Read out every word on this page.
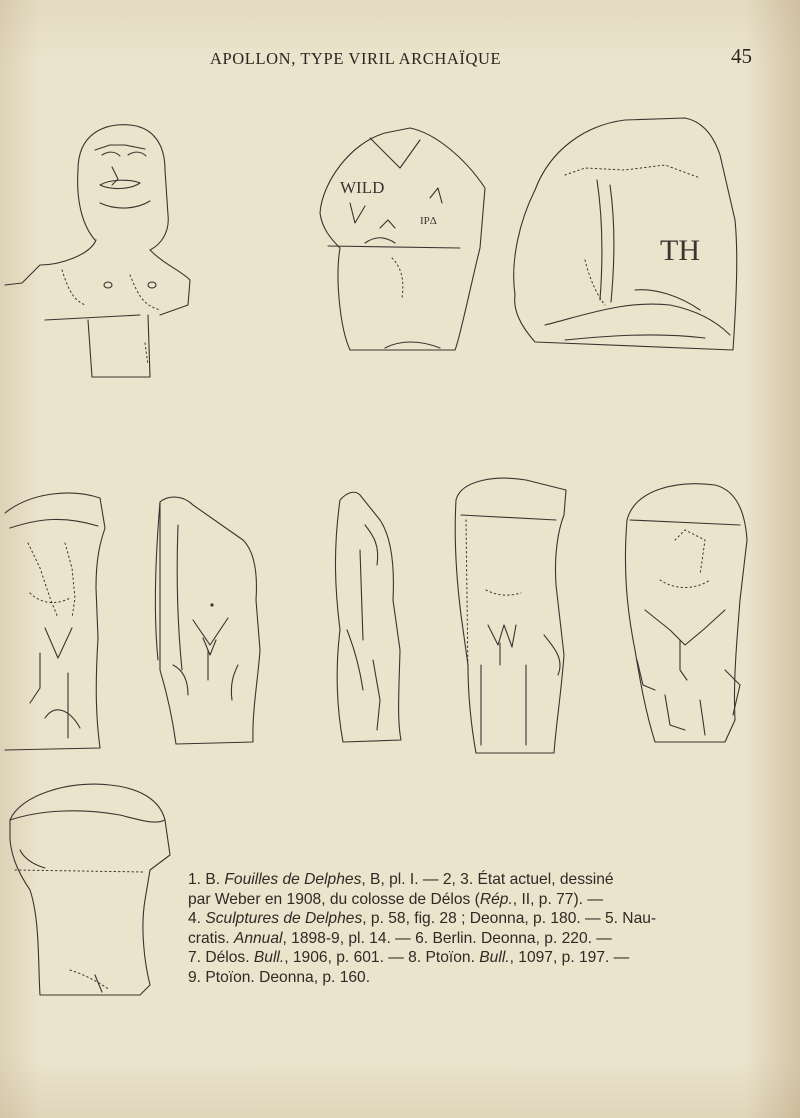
APOLLON, TYPE VIRIL ARCHAÏQUE	45
WILD
IPΔ
TH

1. B. Fouilles de Delphes, B, pl. I. — 2, 3. État actuel, dessiné

par Weber en 1908, du colosse de Délos (Rép., II, p. 77). —

4. Sculptures de Delphes, p. 58, fig. 28 ; Deonna, p. 180. — 5. Nau-

cratis. Annual, 1898-9, pl. 14. — 6. Berlin. Deonna, p. 220. —

7. Délos. Bull., 1906, p. 601. — 8. Ptoïon. Bull., 1097, p. 197. —

9. Ptoïon. Deonna, p. 160.
